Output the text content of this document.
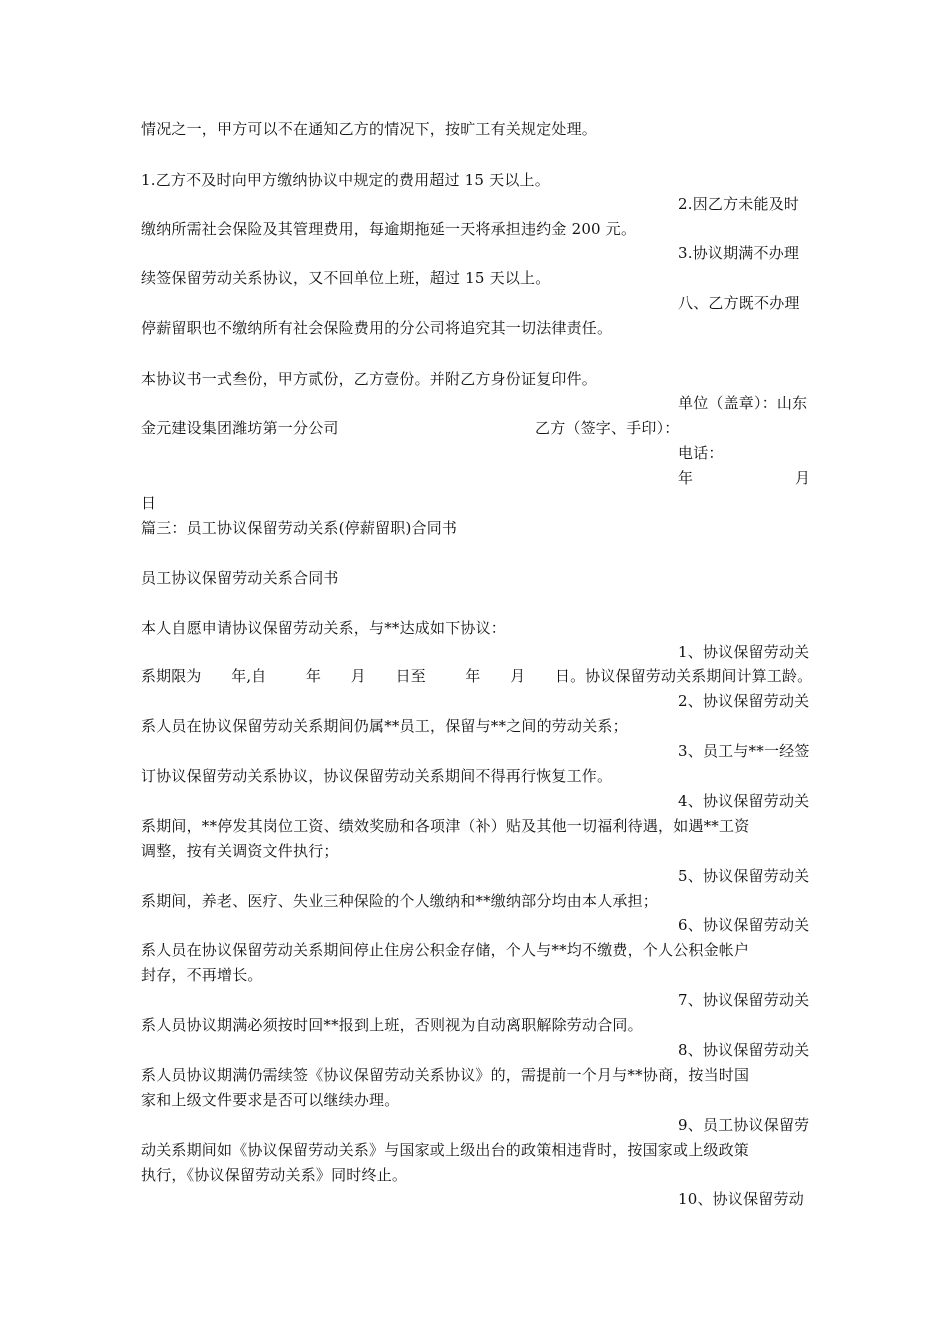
情况之一，甲方可以不在通知乙方的情况下，按旷工有关规定处理。
1.乙方不及时向甲方缴纳协议中规定的费用超过 15 天以上。
2.因乙方未能及时
缴纳所需社会保险及其管理费用，每逾期拖延一天将承担违约金 200 元。
3.协议期满不办理
续签保留劳动关系协议，又不回单位上班，超过 15 天以上。
八、乙方既不办理
停薪留职也不缴纳所有社会保险费用的分公司将追究其一切法律责任。
本协议书一式叁份，甲方贰份，乙方壹份。并附乙方身份证复印件。
单位（盖章）：山东
金元建设集团潍坊第一分公司	乙方（签字、手印）：
电话：
年	月
日
篇三：员工协议保留劳动关系(停薪留职)合同书
员工协议保留劳动关系合同书
本人自愿申请协议保留劳动关系，与**达成如下协议：
1、协议保留劳动关
系期限为      年,自        年      月      日至        年      月      日。协议保留劳动关系期间计算工龄。
2、协议保留劳动关
系人员在协议保留劳动关系期间仍属**员工，保留与**之间的劳动关系；
3、员工与**一经签
订协议保留劳动关系协议，协议保留劳动关系期间不得再行恢复工作。
4、协议保留劳动关
系期间，**停发其岗位工资、绩效奖励和各项津（补）贴及其他一切福利待遇，如遇**工资
调整，按有关调资文件执行；
5、协议保留劳动关
系期间，养老、医疗、失业三种保险的个人缴纳和**缴纳部分均由本人承担；
6、协议保留劳动关
系人员在协议保留劳动关系期间停止住房公积金存储，个人与**均不缴费，个人公积金帐户
封存，不再增长。
7、协议保留劳动关
系人员协议期满必须按时回**报到上班，否则视为自动离职解除劳动合同。
8、协议保留劳动关
系人员协议期满仍需续签《协议保留劳动关系协议》的，需提前一个月与**协商，按当时国
家和上级文件要求是否可以继续办理。
9、员工协议保留劳
动关系期间如《协议保留劳动关系》与国家或上级出台的政策相违背时，按国家或上级政策
执行，《协议保留劳动关系》同时终止。
10、协议保留劳动
